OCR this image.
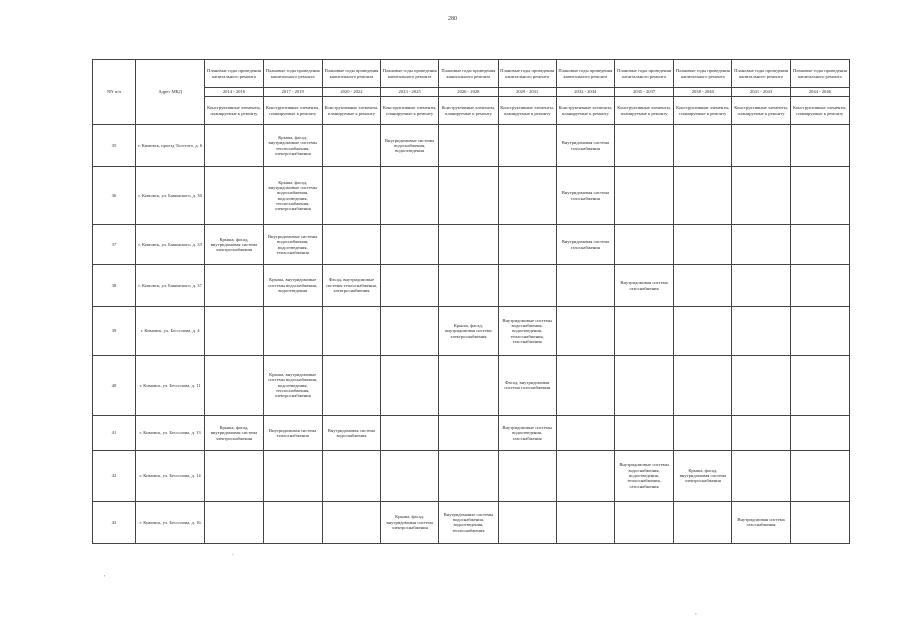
280
NN п/п	Адрес МКД	Плановые годы проведения капитального ремонта	Плановые годы проведения капитального ремонта	Плановые годы проведения капитального ремонта	Плановые годы проведения капитального ремонта	Плановые годы проведения капитального ремонта	Плановые годы проведения капитального ремонта	Плановые годы проведения капитального ремонта	Плановые годы проведения капитального ремонта	Плановые годы проведения капитального ремонта	Плановые годы проведения капитального ремонта	Плановые годы проведения капитального ремонта
		2014 - 2016	2017 - 2019	2020 - 2022	2023 - 2025	2026 - 2028	2029 - 2031	2032 - 2034	2035 - 2037	2038 - 2040	2041 - 2043	2044 - 2046
		Конструктивные элементы, планируемые к ремонту	Конструктивные элементы, планируемые к ремонту	Конструктивные элементы, планируемые к ремонту	Конструктивные элементы, планируемые к ремонту	Конструктивные элементы, планируемые к ремонту	Конструктивные элементы, планируемые к ремонту	Конструктивные элементы, планируемые к ремонту	Конструктивные элементы, планируемые к ремонту	Конструктивные элементы, планируемые к ремонту	Конструктивные элементы, планируемые к ремонту	Конструктивные элементы, планируемые к ремонту
35	г. Кимовск, проезд Толстого, д. 6		Крыша, фасад, внутридомовые системы теплоснабжения, электроснабжения		Внутридомовые системы водоснабжения, водоотведения			Внутридомовая система газоснабжения				
36	г. Кимовск, ул. Бакинского, д. 30		Крыша, фасад, внутридомовые системы водоснабжения, водоотведения, теплоснабжения, электроснабжения					Внутридомовая система газоснабжения				
37	г. Кимовск, ул. Бакинского, д. 33	Крыша, фасад, внутридомовая система электроснабжения	Внутридомовые системы водоснабжения, водоотведения, теплоснабжения					Внутридомовая система газоснабжения				
38	г. Кимовск, ул. Бакинского, д. 37		Крыша, внутридомовые системы водоснабжения, водоотведения	Фасад, внутридомовые системы теплоснабжения, электроснабжения					Внутридомовая система газоснабжения			
39	г. Кимовск, ул. Бессолова, д. 4					Крыша, фасад, внутридомовая система электроснабжения	Внутридомовые системы водоснабжения, водоотведения, теплоснабжения, газоснабжения					
40	г. Кимовск, ул. Бессолова, д. 11		Крыша, внутридомовые системы водоснабжения, водоотведения, теплоснабжения, электроснабжения				Фасад, внутридомовая система газоснабжения					
41	г. Кимовск, ул. Бессолова, д. 13	Крыша, фасад, внутридомовая система электроснабжения	Внутридомовая система теплоснабжения	Внутридомовая система водоснабжения			Внутридомовые системы водоотведения, газоснабжения					
42	г. Кимовск, ул. Бессолова, д. 14								Внутридомовые системы водоснабжения, водоотведения, теплоснабжения, газоснабжения	Крыша, фасад, внутридомовая система электроснабжения		
43	г. Кимовск, ул. Бессолова, д. 16				Крыша, фасад, внутридомовая система электроснабжения	Внутридомовые системы водоснабжения, водоотведения, теплоснабжения					Внутридомовая система газоснабжения	
'
.
,
